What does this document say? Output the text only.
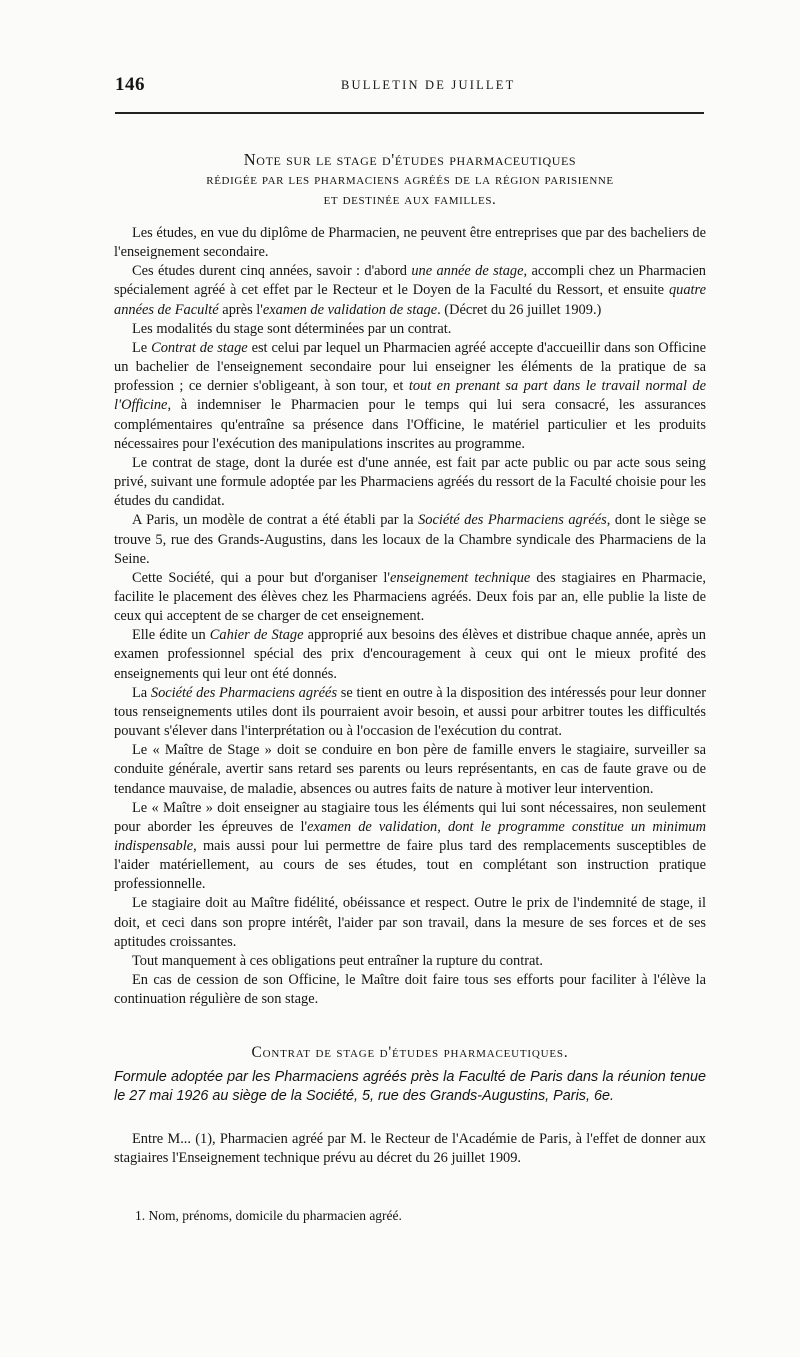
146	BULLETIN DE JUILLET
Note sur le stage d'études pharmaceutiques
rédigée par les pharmaciens agréés de la région parisienne
et destinée aux familles.

Les études, en vue du diplôme de Pharmacien, ne peuvent être entreprises que par des bacheliers de l'enseignement secondaire.

Ces études durent cinq années, savoir : d'abord une année de stage, accompli chez un Pharmacien spécialement agréé à cet effet par le Recteur et le Doyen de la Faculté du Ressort, et ensuite quatre années de Faculté après l'examen de validation de stage. (Décret du 26 juillet 1909.)

Les modalités du stage sont déterminées par un contrat.

Le Contrat de stage est celui par lequel un Pharmacien agréé accepte d'accueillir dans son Officine un bachelier de l'enseignement secondaire pour lui enseigner les éléments de la pratique de sa profession ; ce dernier s'obligeant, à son tour, et tout en prenant sa part dans le travail normal de l'Officine, à indemniser le Pharmacien pour le temps qui lui sera consacré, les assurances complémentaires qu'entraîne sa présence dans l'Officine, le matériel particulier et les produits nécessaires pour l'exécution des manipulations inscrites au programme.

Le contrat de stage, dont la durée est d'une année, est fait par acte public ou par acte sous seing privé, suivant une formule adoptée par les Pharmaciens agréés du ressort de la Faculté choisie pour les études du candidat.

A Paris, un modèle de contrat a été établi par la Société des Pharmaciens agréés, dont le siège se trouve 5, rue des Grands-Augustins, dans les locaux de la Chambre syndicale des Pharmaciens de la Seine.

Cette Société, qui a pour but d'organiser l'enseignement technique des stagiaires en Pharmacie, facilite le placement des élèves chez les Pharmaciens agréés. Deux fois par an, elle publie la liste de ceux qui acceptent de se charger de cet enseignement.

Elle édite un Cahier de Stage approprié aux besoins des élèves et distribue chaque année, après un examen professionnel spécial des prix d'encouragement à ceux qui ont le mieux profité des enseignements qui leur ont été donnés.

La Société des Pharmaciens agréés se tient en outre à la disposition des intéressés pour leur donner tous renseignements utiles dont ils pourraient avoir besoin, et aussi pour arbitrer toutes les difficultés pouvant s'élever dans l'interprétation ou à l'occasion de l'exécution du contrat.

Le « Maître de Stage » doit se conduire en bon père de famille envers le stagiaire, surveiller sa conduite générale, avertir sans retard ses parents ou leurs représentants, en cas de faute grave ou de tendance mauvaise, de maladie, absences ou autres faits de nature à motiver leur intervention.

Le « Maître » doit enseigner au stagiaire tous les éléments qui lui sont nécessaires, non seulement pour aborder les épreuves de l'examen de validation, dont le programme constitue un minimum indispensable, mais aussi pour lui permettre de faire plus tard des remplacements susceptibles de l'aider matériellement, au cours de ses études, tout en complétant son instruction pratique professionnelle.

Le stagiaire doit au Maître fidélité, obéissance et respect. Outre le prix de l'indemnité de stage, il doit, et ceci dans son propre intérêt, l'aider par son travail, dans la mesure de ses forces et de ses aptitudes croissantes.

Tout manquement à ces obligations peut entraîner la rupture du contrat.

En cas de cession de son Officine, le Maître doit faire tous ses efforts pour faciliter à l'élève la continuation régulière de son stage.

Contrat de stage d'études pharmaceutiques.
Formule adoptée par les Pharmaciens agréés près la Faculté de Paris dans la réunion tenue le 27 mai 1926 au siège de la Société, 5, rue des Grands-Augustins, Paris, 6e.
Entre M... (1), Pharmacien agréé par M. le Recteur de l'Académie de Paris, à l'effet de donner aux stagiaires l'Enseignement technique prévu au décret du 26 juillet 1909.
1. Nom, prénoms, domicile du pharmacien agréé.
